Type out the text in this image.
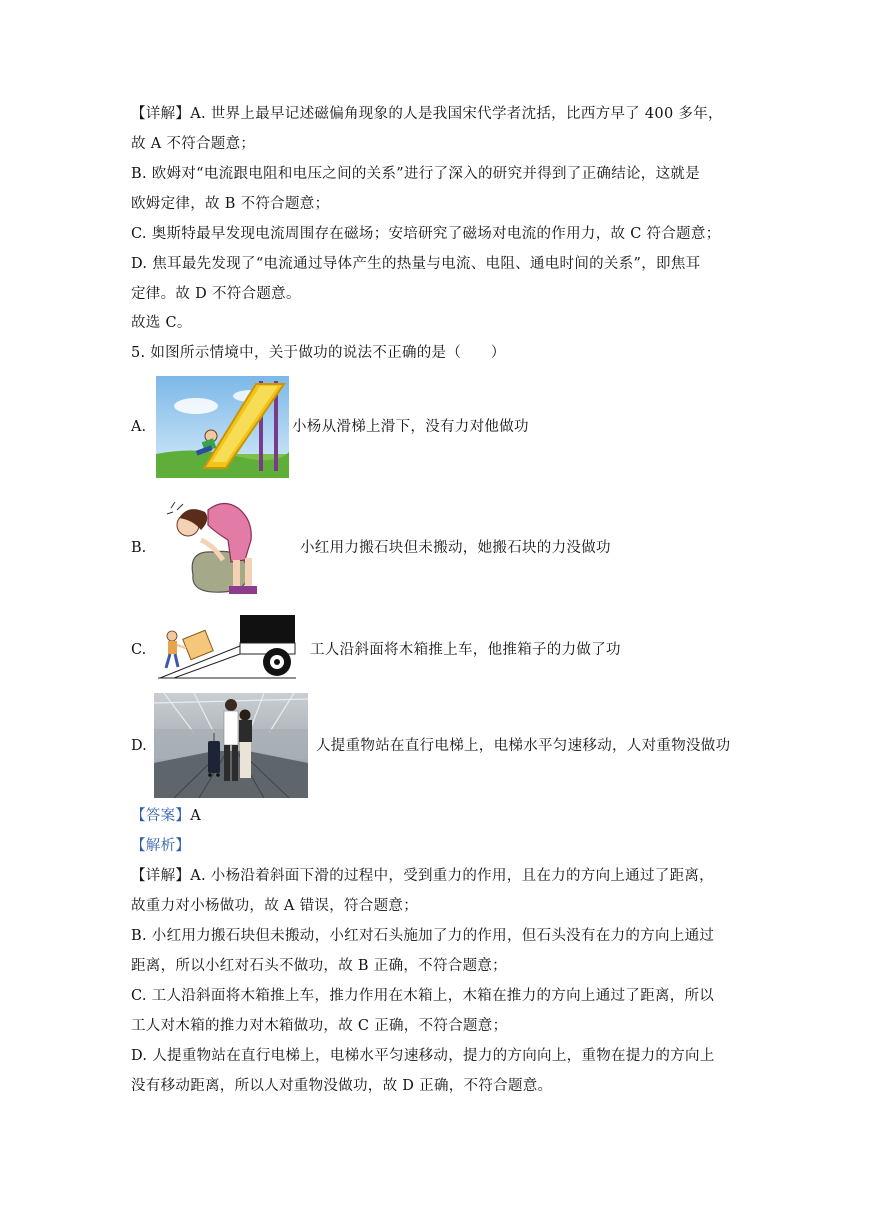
【详解】A. 世界上最早记述磁偏角现象的人是我国宋代学者沈括，比西方早了 400 多年，
故 A 不符合题意；
B. 欧姆对“电流跟电阻和电压之间的关系”进行了深入的研究并得到了正确结论，这就是
欧姆定律，故 B 不符合题意；
C. 奥斯特最早发现电流周围存在磁场；安培研究了磁场对电流的作用力，故 C 符合题意；
D. 焦耳最先发现了“电流通过导体产生的热量与电流、电阻、通电时间的关系”，即焦耳
定律。故 D 不符合题意。
故选 C。
5. 如图所示情境中，关于做功的说法不正确的是（　　）
A.	小杨从滑梯上滑下，没有力对他做功
B.	小红用力搬石块但未搬动，她搬石块的力没做功
C.	工人沿斜面将木箱推上车，他推箱子的力做了功
D.	人提重物站在直行电梯上，电梯水平匀速移动，人对重物没做功
【答案】A
【解析】
【详解】A. 小杨沿着斜面下滑的过程中，受到重力的作用，且在力的方向上通过了距离，
故重力对小杨做功，故 A 错误，符合题意；
B. 小红用力搬石块但未搬动，小红对石头施加了力的作用，但石头没有在力的方向上通过
距离，所以小红对石头不做功，故 B 正确，不符合题意；
C. 工人沿斜面将木箱推上车，推力作用在木箱上，木箱在推力的方向上通过了距离，所以
工人对木箱的推力对木箱做功，故 C 正确，不符合题意；
D. 人提重物站在直行电梯上，电梯水平匀速移动，提力的方向向上，重物在提力的方向上
没有移动距离，所以人对重物没做功，故 D 正确，不符合题意。
